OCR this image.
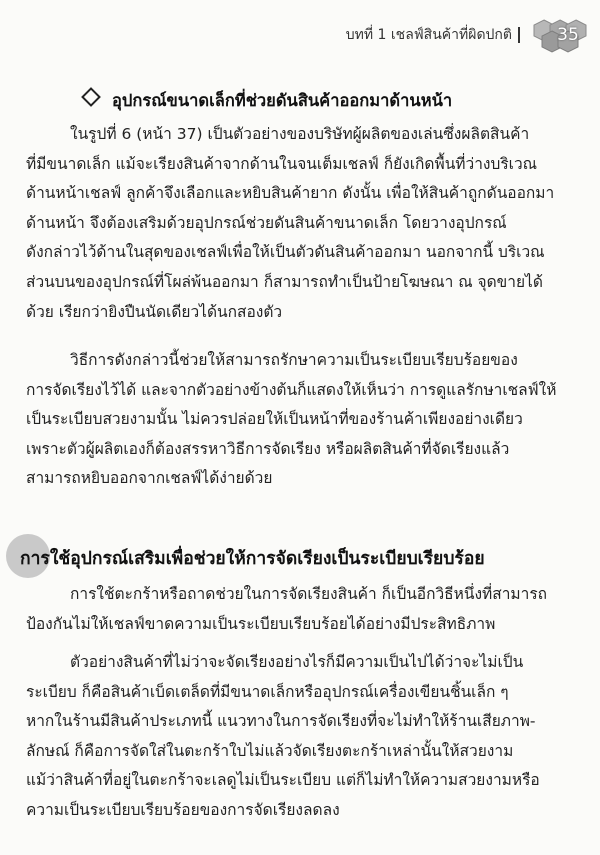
บทที่ 1 เชลฟ์สินค้าที่ผิดปกติ	35
อุปกรณ์ขนาดเล็กที่ช่วยดันสินค้าออกมาด้านหน้า
ในรูปที่ 6 (หน้า 37) เป็นตัวอย่างของบริษัทผู้ผลิตของเล่นซึ่งผลิตสินค้า
ที่มีขนาดเล็ก แม้จะเรียงสินค้าจากด้านในจนเต็มเชลฟ์ ก็ยังเกิดพื้นที่ว่างบริเวณ
ด้านหน้าเชลฟ์ ลูกค้าจึงเลือกและหยิบสินค้ายาก ดังนั้น เพื่อให้สินค้าถูกดันออกมา
ด้านหน้า จึงต้องเสริมด้วยอุปกรณ์ช่วยดันสินค้าขนาดเล็ก โดยวางอุปกรณ์
ดังกล่าวไว้ด้านในสุดของเชลฟ์เพื่อให้เป็นตัวดันสินค้าออกมา นอกจากนี้ บริเวณ
ส่วนบนของอุปกรณ์ที่โผล่พ้นออกมา ก็สามารถทำเป็นป้ายโฆษณา ณ จุดขายได้
ด้วย เรียกว่ายิงปืนนัดเดียวได้นกสองตัว
วิธีการดังกล่าวนี้ช่วยให้สามารถรักษาความเป็นระเบียบเรียบร้อยของ
การจัดเรียงไว้ได้ และจากตัวอย่างข้างต้นก็แสดงให้เห็นว่า การดูแลรักษาเชลฟ์ให้
เป็นระเบียบสวยงามนั้น ไม่ควรปล่อยให้เป็นหน้าที่ของร้านค้าเพียงอย่างเดียว
เพราะตัวผู้ผลิตเองก็ต้องสรรหาวิธีการจัดเรียง หรือผลิตสินค้าที่จัดเรียงแล้ว
สามารถหยิบออกจากเชลฟ์ได้ง่ายด้วย
การใช้อุปกรณ์เสริมเพื่อช่วยให้การจัดเรียงเป็นระเบียบเรียบร้อย
การใช้ตะกร้าหรือถาดช่วยในการจัดเรียงสินค้า ก็เป็นอีกวิธีหนึ่งที่สามารถ
ป้องกันไม่ให้เชลฟ์ขาดความเป็นระเบียบเรียบร้อยได้อย่างมีประสิทธิภาพ
ตัวอย่างสินค้าที่ไม่ว่าจะจัดเรียงอย่างไรก็มีความเป็นไปได้ว่าจะไม่เป็น
ระเบียบ ก็คือสินค้าเบ็ดเตล็ดที่มีขนาดเล็กหรืออุปกรณ์เครื่องเขียนชิ้นเล็ก ๆ
หากในร้านมีสินค้าประเภทนี้ แนวทางในการจัดเรียงที่จะไม่ทำให้ร้านเสียภาพ-
ลักษณ์ ก็คือการจัดใส่ในตะกร้าใบไม่แล้วจัดเรียงตะกร้าเหล่านั้นให้สวยงาม
แม้ว่าสินค้าที่อยู่ในตะกร้าจะเลดูไม่เป็นระเบียบ แต่ก็ไม่ทำให้ความสวยงามหรือ
ความเป็นระเบียบเรียบร้อยของการจัดเรียงลดลง
